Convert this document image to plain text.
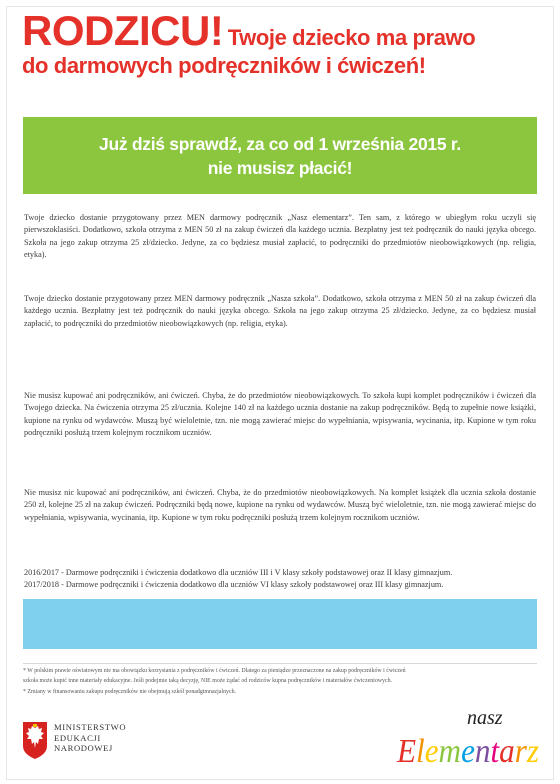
RODZICU! Twoje dziecko ma prawo
do darmowych podręczników i ćwiczeń!
Już dziś sprawdź, za co od 1 września 2015 r.
nie musisz płacić!
Twoje dziecko dostanie przygotowany przez MEN darmowy podręcznik „Nasz elementarz”. Ten sam, z którego w ubiegłym roku uczyli się pierwszoklasiści. Dodatkowo, szkoła otrzyma z MEN 50 zł na zakup ćwiczeń dla każdego ucznia. Bezpłatny jest też podręcznik do nauki języka obcego. Szkoła na jego zakup otrzyma 25 zł/dziecko. Jedyne, za co będziesz musiał zapłacić, to podręczniki do przedmiotów nieobowiązkowych (np. religia, etyka).
Twoje dziecko dostanie przygotowany przez MEN darmowy podręcznik „Nasza szkoła”. Dodatkowo, szkoła otrzyma z MEN 50 zł na zakup ćwiczeń dla każdego ucznia. Bezpłatny jest też podręcznik do nauki języka obcego. Szkoła na jego zakup otrzyma 25 zł/dziecko. Jedyne, za co będziesz musiał zapłacić, to podręczniki do przedmiotów nieobowiązkowych (np. religia, etyka).
Nie musisz kupować ani podręczników, ani ćwiczeń. Chyba, że do przedmiotów nieobowiązkowych. To szkoła kupi komplet podręczników i ćwiczeń dla Twojego dziecka. Na ćwiczenia otrzyma 25 zł/ucznia. Kolejne 140 zł na każdego ucznia dostanie na zakup podręczników. Będą to zupełnie nowe książki, kupione na rynku od wydawców. Muszą być wieloletnie, tzn. nie mogą zawierać miejsc do wypełniania, wpisywania, wycinania, itp. Kupione w tym roku podręczniki posłużą trzem kolejnym rocznikom uczniów.
Nie musisz nic kupować ani podręczników, ani ćwiczeń. Chyba, że do przedmiotów nieobowiązkowych. Na komplet książek dla ucznia szkoła dostanie 250 zł, kolejne 25 zł na zakup ćwiczeń. Podręczniki będą nowe, kupione na rynku od wydawców. Muszą być wieloletnie, tzn. nie mogą zawierać miejsc do wypełniania, wpisywania, wycinania, itp. Kupione w tym roku podręczniki posłużą trzem kolejnym rocznikom uczniów.
2016/2017 - Darmowe podręczniki i ćwiczenia dodatkowo dla uczniów III i V klasy szkoły podstawowej oraz II klasy gimnazjum.
2017/2018 - Darmowe podręczniki i ćwiczenia dodatkowo dla uczniów VI klasy szkoły podstawowej oraz III klasy gimnazjum.
* W polskim prawie oświatowym nie ma obowiązku korzystania z podręczników i ćwiczeń. Dlatego za pieniądze przeznaczone na zakup podręczników i ćwiczeń
szkoła może kupić inne materiały edukacyjne. Jeśli podejmie taką decyzję, NIE może żądać od rodziców kupna podręczników i materiałów ćwiczeniowych.
* Zmiany w finansowaniu zakupu podręczników nie obejmują szkół ponadgimnazjalnych.
MINISTERSTWO
EDUKACJI
NARODOWEJ
nasz
Elementarz
